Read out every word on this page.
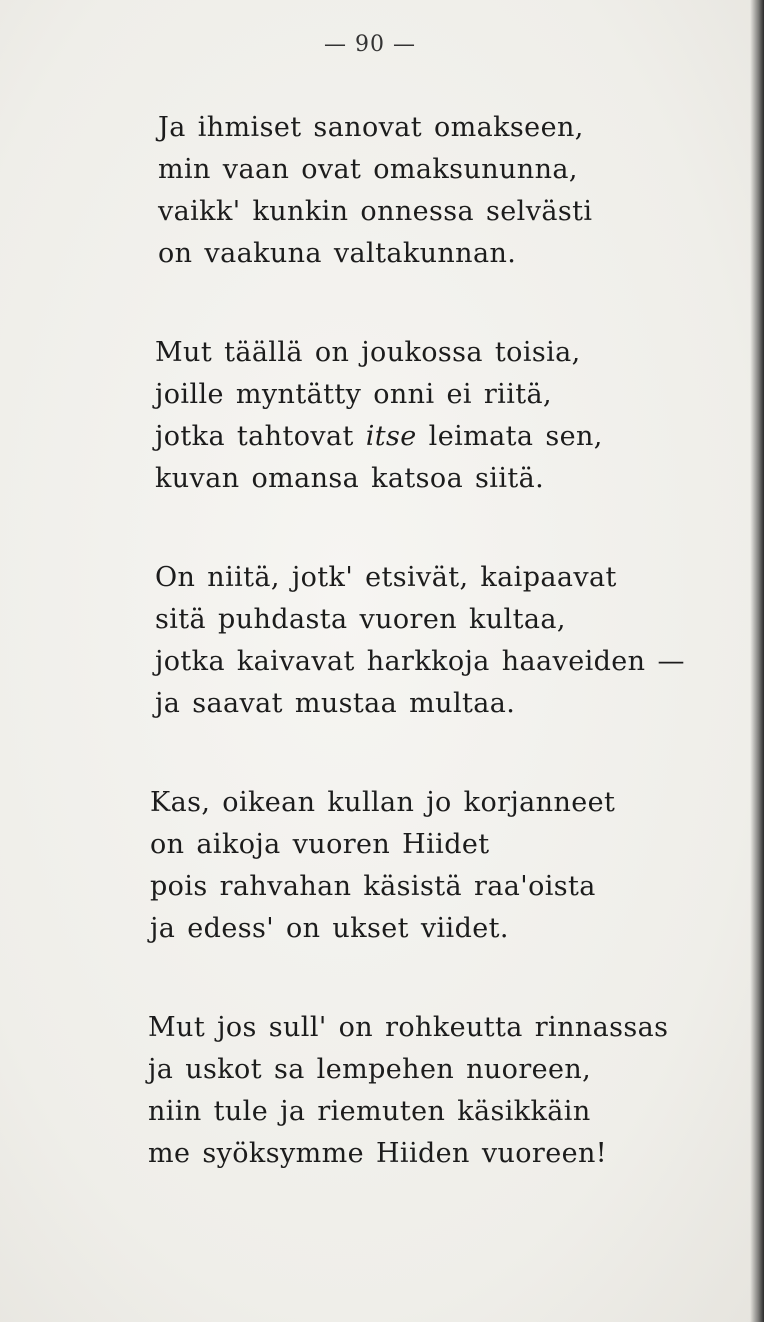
— 90 —
Ja ihmiset sanovat omakseen,
min vaan ovat omaksununna,
vaikk' kunkin onnessa selvästi
on vaakuna valtakunnan.
Mut täällä on joukossa toisia,
joille myntätty onni ei riitä,
jotka tahtovat itse leimata sen,
kuvan omansa katsoa siitä.
On niitä, jotk' etsivät, kaipaavat
sitä puhdasta vuoren kultaa,
jotka kaivavat harkkoja haaveiden —
ja saavat mustaa multaa.
Kas, oikean kullan jo korjanneet
on aikoja vuoren Hiidet
pois rahvahan käsistä raa'oista
ja edess' on ukset viidet.
Mut jos sull' on rohkeutta rinnassas
ja uskot sa lempehen nuoreen,
niin tule ja riemuten käsikkäin
me syöksymme Hiiden vuoreen!
